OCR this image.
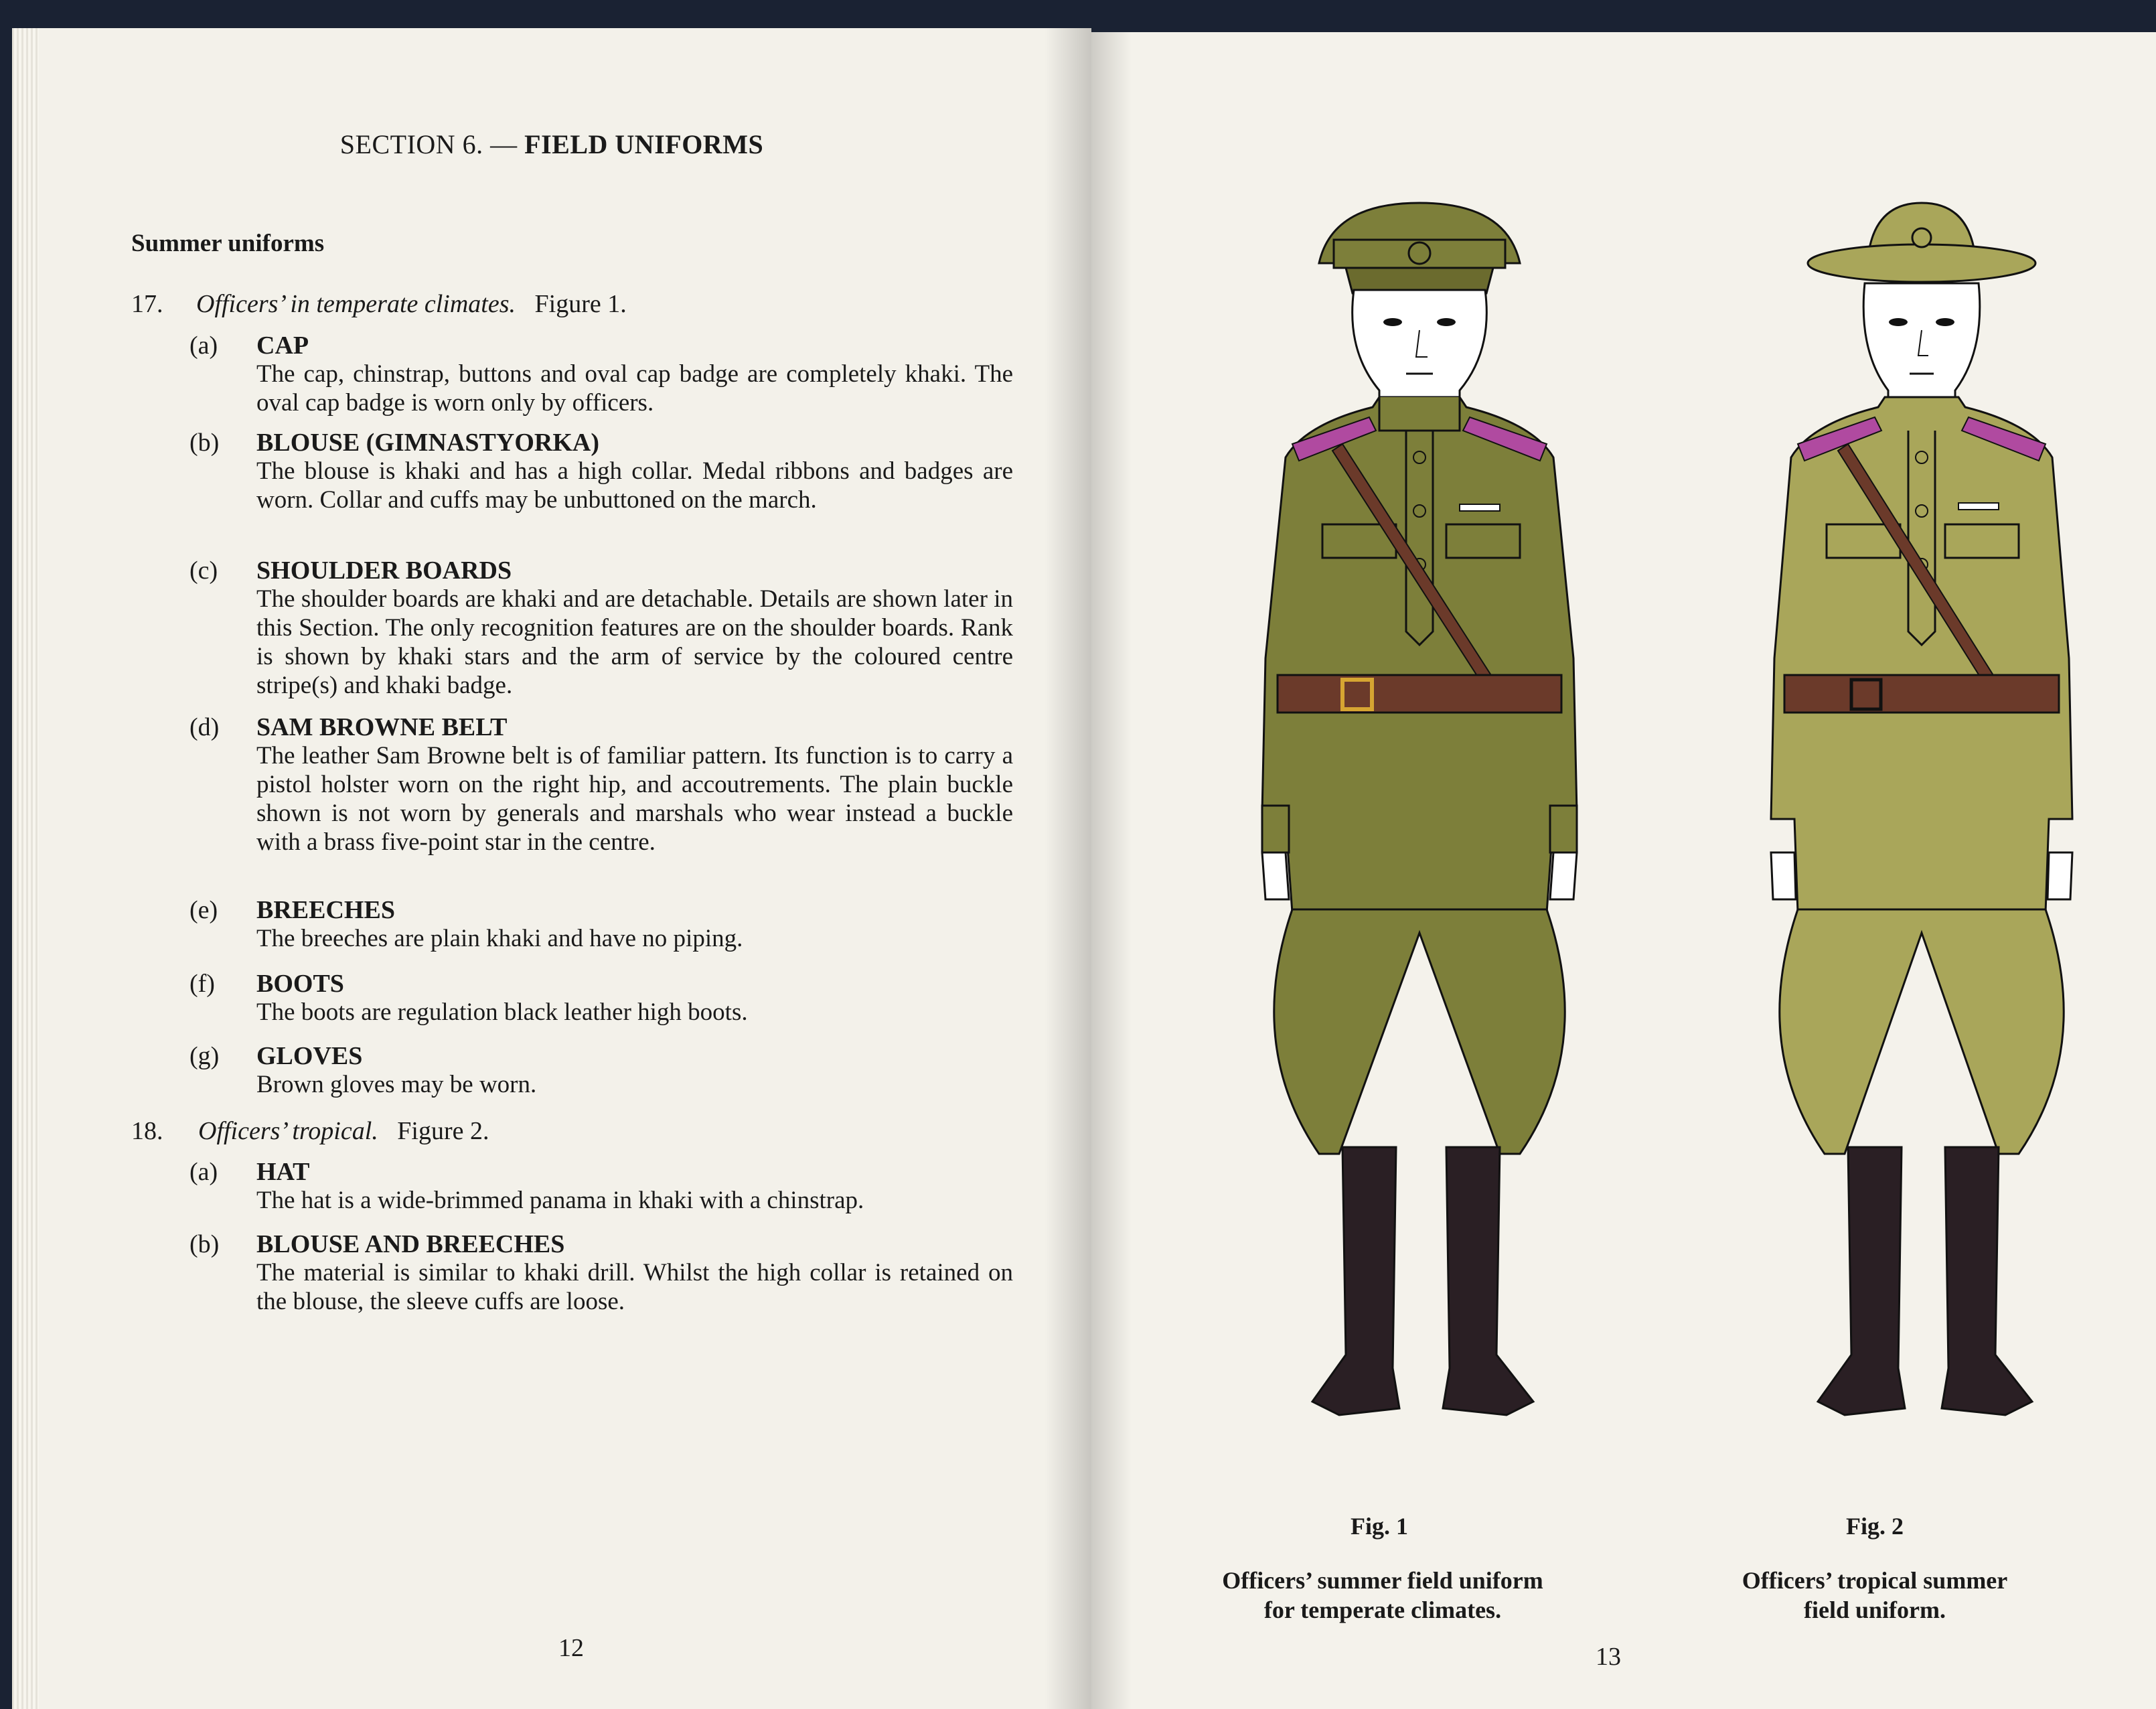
SECTION 6. — FIELD UNIFORMS
Summer uniforms
17. Officers’ in temperate climates. Figure 1.
(a) CAP
The cap, chinstrap, buttons and oval cap badge are completely khaki. The oval cap badge is worn only by officers.
(b) BLOUSE (GIMNASTYORKA)
The blouse is khaki and has a high collar. Medal ribbons and badges are worn. Collar and cuffs may be unbuttoned on the march.
(c) SHOULDER BOARDS
The shoulder boards are khaki and are detachable. Details are shown later in this Section. The only recognition features are on the shoulder boards. Rank is shown by khaki stars and the arm of service by the coloured centre stripe(s) and khaki badge.
(d) SAM BROWNE BELT
The leather Sam Browne belt is of familiar pattern. Its function is to carry a pistol holster worn on the right hip, and accoutrements. The plain buckle shown is not worn by generals and marshals who wear instead a buckle with a brass five-point star in the centre.
(e) BREECHES
The breeches are plain khaki and have no piping.
(f) BOOTS
The boots are regulation black leather high boots.
(g) GLOVES
Brown gloves may be worn.
18. Officers’ tropical. Figure 2.
(a) HAT
The hat is a wide-brimmed panama in khaki with a chinstrap.
(b) BLOUSE AND BREECHES
The material is similar to khaki drill. Whilst the high collar is retained on the blouse, the sleeve cuffs are loose.
12
Fig. 1
Officers’ summer field uniform
for temperate climates.
Fig. 2
Officers’ tropical summer
field uniform.
13
